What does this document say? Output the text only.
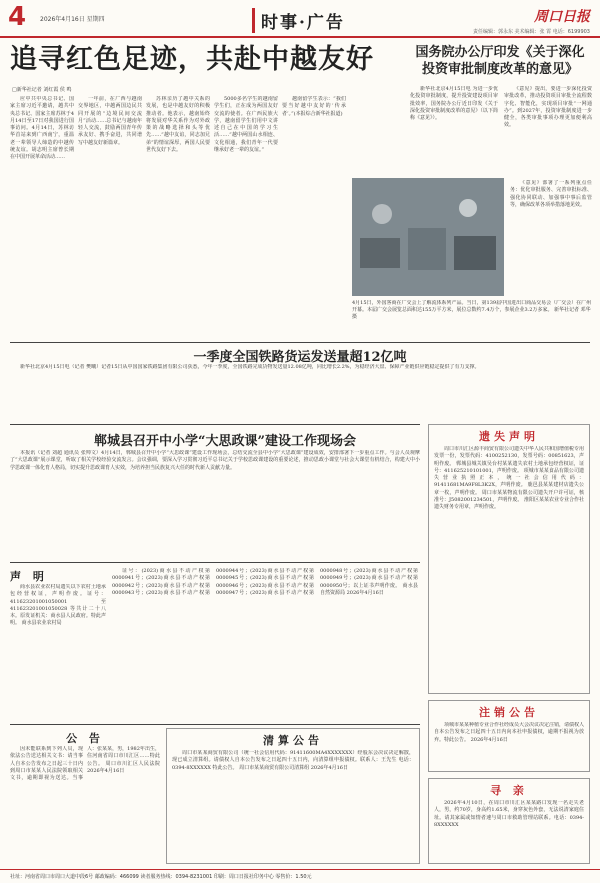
4 2026年4月16日 星期四	时事·广告	周口日报
责任编辑：郭永东 美术编辑：张 霄 电话：6199903
追寻红色足迹，共赴中越友好
□新华社记者 刘红霞 侯 鸣

应中共中央总书记、国家主席习近平邀请，越共中央总书记、国家主席苏林于4月14日至17日对我国进行国事访问。4月14日，苏林访华首站来到广西南宁，重温老一辈领导人缔造的中越传统友谊。胡志明主席曾长期在中国开展革命活动……

一年前，在广西与越南交界地区，中越两国边民共同开展的“边境民间交流月”活动……总书记与越南年轻人交流，鼓励两国青年传承友好、携手奋进，共同谱写中越友好新篇章。

苏林亲历了越中关系的发展，也是中越友好的积极推动者。他表示，越南始终将发展对华关系作为对外政策的战略选择和头等优先……“越中友谊，同志加兄弟”的情谊深厚，两国人民要世代友好下去。

5000多名学生的越南留学生们，正在成为两国友好交流的使者。在广西民族大学，越南留学生们用中文讲述自己在中国的学习生活……“越中两国山水相连、文化相通，我们青年一代要继承好老一辈的友谊。”

越南留学生表示：“我们要当好越中友好的‘传承者’。”(本报综合新华社报道)

4月15日，外国客商在广交会上了解流体系列产品。当日，第139届中国进出口商品交易会（广交会）在广州开幕。本届广交会展览总面积达155万平方米，展位总数约7.4万个，参展企业3.2万多家。 新华社记者 邓华 摄
国务院办公厅印发《关于深化投资审批制度改革的意见》

新华社北京4月15日电 为进一步优化投资审批制度，提升投资建设项目审批效率，国务院办公厅近日印发《关于深化投资审批制度改革的意见》（以下简称《意见》）。

《意见》提出，要进一步深化投资审批改革，推动投资项目审批全流程数字化、智能化，实现项目审批“一网通办”。到2027年，投资审批制度进一步健全，各类审批事项办理更加便利高效。

《意见》部署了一系列重点任务：优化审批服务、完善审批标准、强化协同联动、加强事中事后监管等，确保改革各项举措落地见效。

一季度全国铁路货运发送量超12亿吨

新华社北京4月15日电（记者 樊曦）记者15日从中国国家铁路集团有限公司获悉，今年一季度，全国铁路完成货物发送量12.08亿吨，同比增长2.2%，为稳经济大盘、保障产业链供应链稳定提供了有力支撑。

郸城县召开中小学“大思政课”建设工作现场会

本报讯（记者 刘超 通讯员 张帅文）4月14日，郸城县召开中小学“大思政课”建设工作现场会，总结交流全县中小学“大思政课”建设成效，安排部署下一步重点工作。与会人员观摩了“大思政课”展示课堂，听取了相关学校经验交流发言。会议强调，要深入学习贯彻习近平总书记关于学校思政课建设的重要论述，推动思政小课堂与社会大课堂有机结合，构建大中小学思政课一体化育人格局，切实提升思政课育人实效，为培养担当民族复兴大任的时代新人贡献力量。

遗失声明

周口市川汇区源丰商贸有限公司遗失中华人民共和国增值税专用发票一份，发票代码：4100252130，发票号码：00851623，声明作废。 郸城县城关镇吴台村某某遗失农村土地承包经营权证，证号：411625210101001，声明作废。 项城市某某食品有限公司遗失营业执照正本，统一社会信用代码：91411681MA9F8L3K2X，声明作废。 鹿邑县某某建材店遗失公章一枚，声明作废。 周口市某某物流有限公司遗失开户许可证，核准号：J5082001234501，声明作废。 淮阳区某某农业专业合作社遗失财务专用章，声明作废。

声 明

商水县农业农村局遗失以下农村土地承包经营权证，声明作废。证号：411623201001050001 至 411623201001050028 等共计二十八本。原发证机关：商水县人民政府。特此声明。 商水县农业农村局

证号：(2023)商水县不动产权第0000941号；(2023)商水县不动产权第0000942号；(2023)商水县不动产权第0000943号；(2023)商水县不动产权第0000944号；(2023)商水县不动产权第0000945号；(2023)商水县不动产权第0000946号；(2023)商水县不动产权第0000947号；(2023)商水县不动产权第0000948号；(2023)商水县不动产权第0000949号；(2023)商水县不动产权第0000950号；以上证书声明作废。 商水县自然资源局 2026年4月16日

注销公告

项城市某某种植专业合作社经成员大会决议决定注销，请债权人自本公告发布之日起四十五日内向本社申报债权，逾期不报视为放弃。特此公告。 2026年4月16日

公 告

因未能联系到下列人员，现依法公告送达相关文书：请当事人自本公告发布之日起三十日内到周口市某某人民法院领取相关文书，逾期即视为送达。当事人：张某某，男，1982年出生，住河南省周口市川汇区……特此公告。 周口市川汇区人民法院 2026年4月16日

清算公告

周口市某某商贸有限公司（统一社会信用代码：91411600MA4XXXXXXX）经股东会决议决定解散，现已成立清算组。请债权人自本公告发布之日起四十五日内，向清算组申报债权。联系人：王先生 电话：0394-8XXXXXX 特此公告。 周口市某某商贸有限公司清算组 2026年4月16日

寻 亲

2026年4月10日，在周口市川汇区某某路口发现一名走失老人，男，约70岁，身高约1.65米，身穿灰色外套，无法说清家庭住址。请其家属或知情者速与周口市救助管理站联系。电话：0394-8XXXXXX

社址：河南省周口市周口大道中段6号 邮政编码：466099 读者服务热线：0394-8231001 印刷：周口日报社印务中心 零售价：1.50元
